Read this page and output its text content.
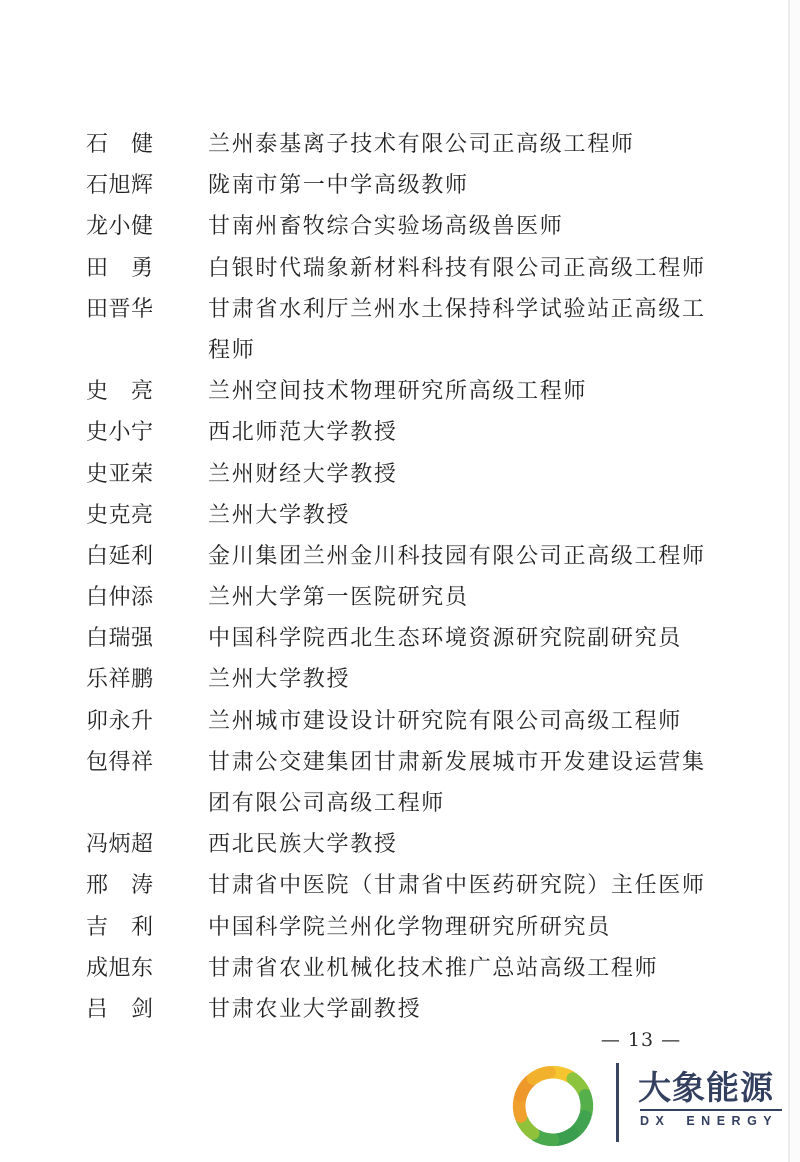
石　健	兰州泰基离子技术有限公司正高级工程师
石旭辉	陇南市第一中学高级教师
龙小健	甘南州畜牧综合实验场高级兽医师
田　勇	白银时代瑞象新材料科技有限公司正高级工程师
田晋华	甘肃省水利厅兰州水土保持科学试验站正高级工
程师
史　亮	兰州空间技术物理研究所高级工程师
史小宁	西北师范大学教授
史亚荣	兰州财经大学教授
史克亮	兰州大学教授
白延利	金川集团兰州金川科技园有限公司正高级工程师
白仲添	兰州大学第一医院研究员
白瑞强	中国科学院西北生态环境资源研究院副研究员
乐祥鹏	兰州大学教授
卯永升	兰州城市建设设计研究院有限公司高级工程师
包得祥	甘肃公交建集团甘肃新发展城市开发建设运营集
团有限公司高级工程师
冯炳超	西北民族大学教授
邢　涛	甘肃省中医院（甘肃省中医药研究院）主任医师
吉　利	中国科学院兰州化学物理研究所研究员
成旭东	甘肃省农业机械化技术推广总站高级工程师
吕　剑	甘肃农业大学副教授
— 13 —
大象能源
DX ENERGY
